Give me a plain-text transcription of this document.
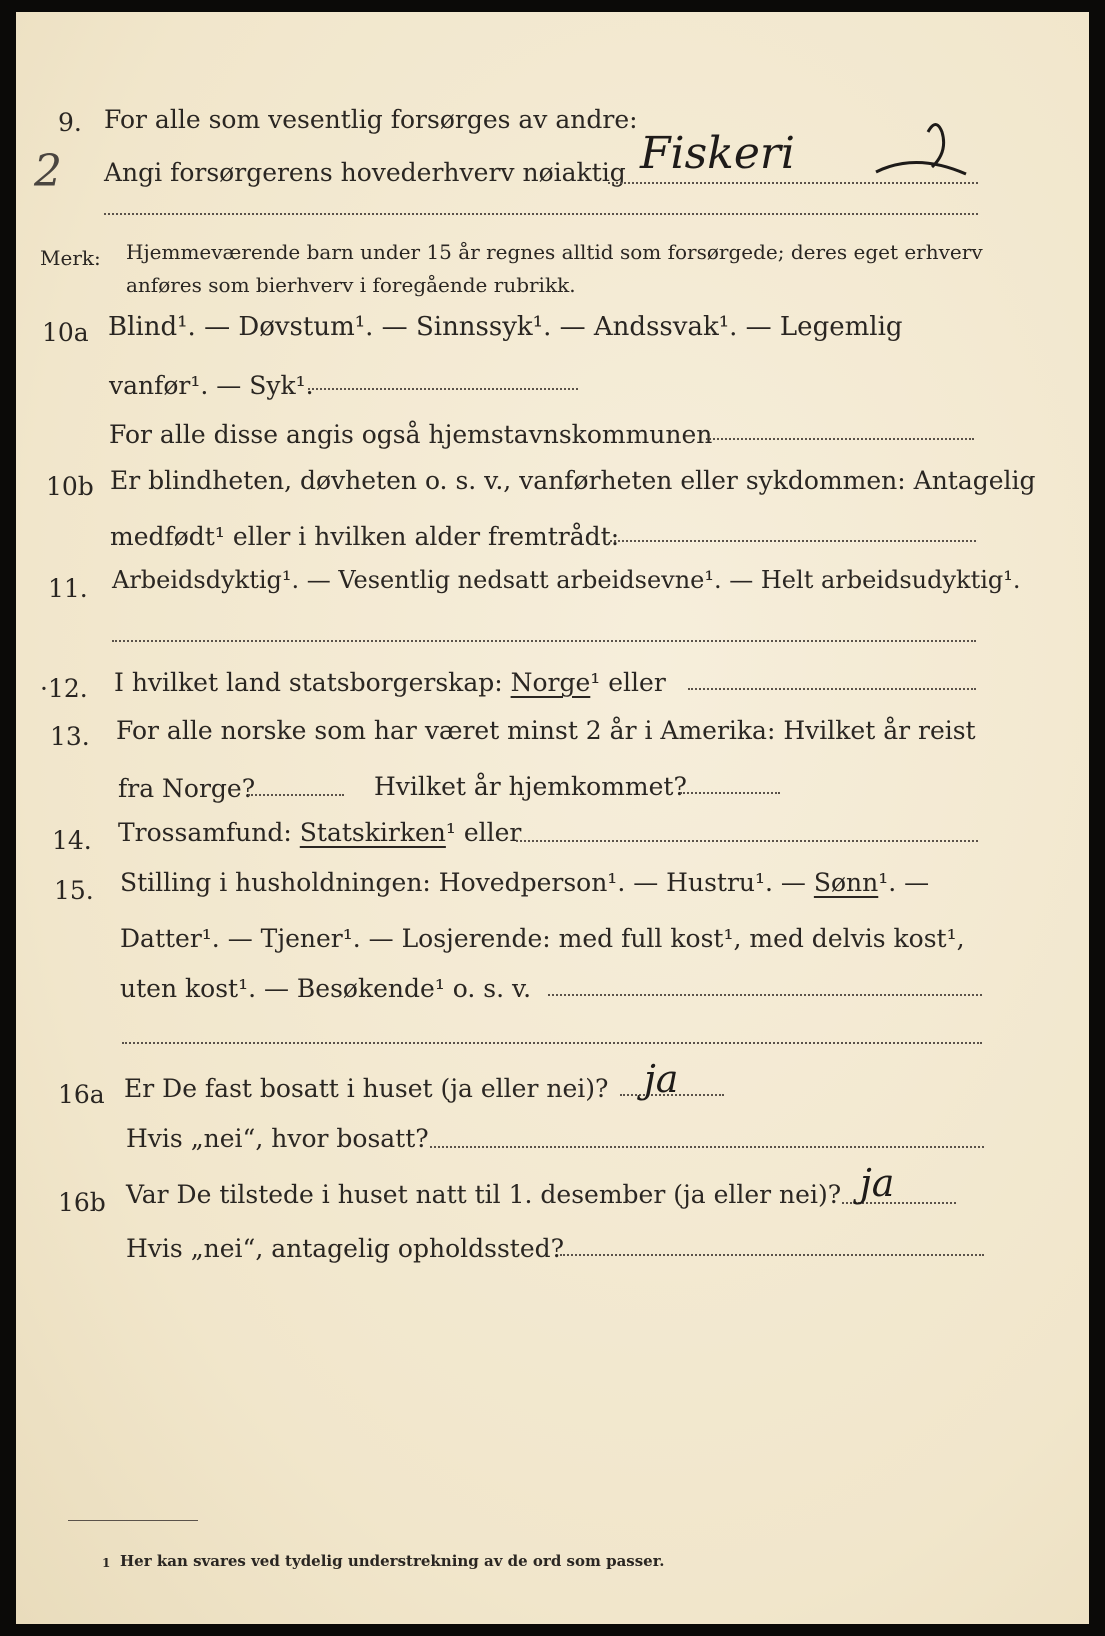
9. For alle som vesentlig forsørges av andre:
2 Angi forsørgerens hovederhverv nøiaktig Fiskeri
Merk: Hjemmeværende barn under 15 år regnes alltid som forsørgede; deres eget erhverv
anføres som bierhverv i foregående rubrikk.
10a Blind¹. — Døvstum¹. — Sinnssyk¹. — Andssvak¹. — Legemlig
vanfør¹. — Syk¹.
For alle disse angis også hjemstavnskommunen
10b Er blindheten, døvheten o. s. v., vanførheten eller sykdommen: Antagelig
medfødt¹ eller i hvilken alder fremtrådt:
11. Arbeidsdyktig¹. — Vesentlig nedsatt arbeidsevne¹. — Helt arbeidsudyktig¹.
·12. I hvilket land statsborgerskap: Norge¹ eller
13. For alle norske som har været minst 2 år i Amerika: Hvilket år reist
fra Norge?	Hvilket år hjemkommet?
14. Trossamfund: Statskirken¹ eller
15. Stilling i husholdningen: Hovedperson¹. — Hustru¹. — Sønn¹. —
Datter¹. — Tjener¹. — Losjerende: med full kost¹, med delvis kost¹,
uten kost¹. — Besøkende¹ o. s. v.
16a Er De fast bosatt i huset (ja eller nei)? ja
Hvis „nei“, hvor bosatt?
16b Var De tilstede i huset natt til 1. desember (ja eller nei)? ja
Hvis „nei“, antagelig opholdssted?
1 Her kan svares ved tydelig understrekning av de ord som passer.
